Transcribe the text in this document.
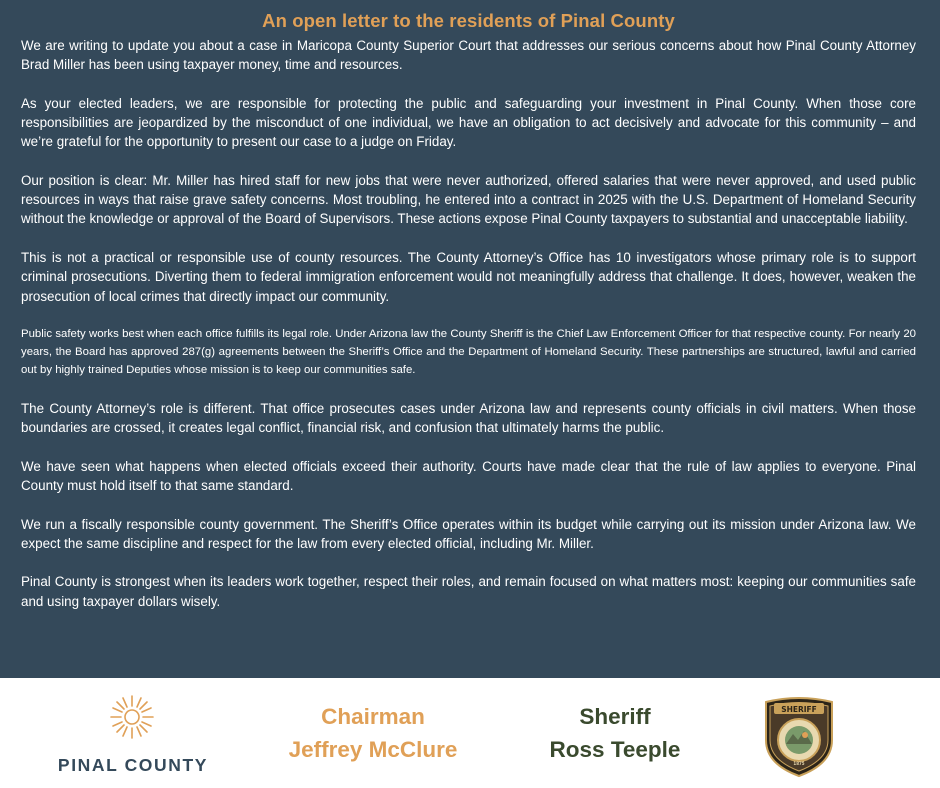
An open letter to the residents of Pinal County

We are writing to update you about a case in Maricopa County Superior Court that addresses our serious concerns about how Pinal County Attorney Brad Miller has been using taxpayer money, time and resources.

As your elected leaders, we are responsible for protecting the public and safeguarding your investment in Pinal County. When those core responsibilities are jeopardized by the misconduct of one individual, we have an obligation to act decisively and advocate for this community – and we’re grateful for the opportunity to present our case to a judge on Friday.

Our position is clear: Mr. Miller has hired staff for new jobs that were never authorized, offered salaries that were never approved, and used public resources in ways that raise grave safety concerns. Most troubling, he entered into a contract in 2025 with the U.S. Department of Homeland Security without the knowledge or approval of the Board of Supervisors. These actions expose Pinal County taxpayers to substantial and unacceptable liability.

This is not a practical or responsible use of county resources. The County Attorney’s Office has 10 investigators whose primary role is to support criminal prosecutions. Diverting them to federal immigration enforcement would not meaningfully address that challenge. It does, however, weaken the prosecution of local crimes that directly impact our community.

Public safety works best when each office fulfills its legal role. Under Arizona law the County Sheriff is the Chief Law Enforcement Officer for that respective county. For nearly 20 years, the Board has approved 287(g) agreements between the Sheriff’s Office and the Department of Homeland Security. These partnerships are structured, lawful and carried out by highly trained Deputies whose mission is to keep our communities safe.

The County Attorney’s role is different. That office prosecutes cases under Arizona law and represents county officials in civil matters. When those boundaries are crossed, it creates legal conflict, financial risk, and confusion that ultimately harms the public.

We have seen what happens when elected officials exceed their authority. Courts have made clear that the rule of law applies to everyone. Pinal County must hold itself to that same standard.

We run a fiscally responsible county government. The Sheriff’s Office operates within its budget while carrying out its mission under Arizona law. We expect the same discipline and respect for the law from every elected official, including Mr. Miller.

Pinal County is strongest when its leaders work together, respect their roles, and remain focused on what matters most: keeping our communities safe and using taxpayer dollars wisely.

PINAL COUNTY
Chairman
Jeffrey McClure
Sheriff
Ross Teeple
SHERIFF
1875
